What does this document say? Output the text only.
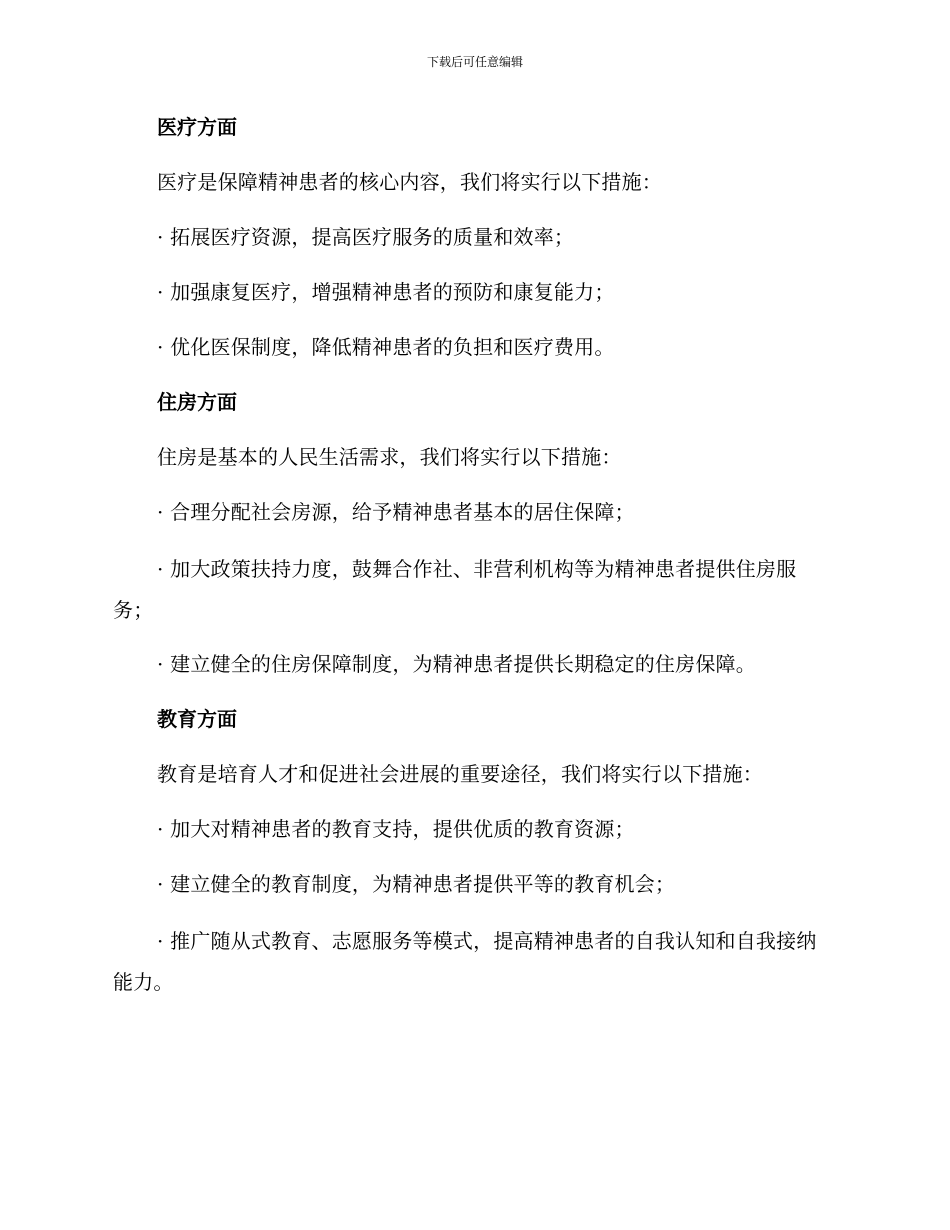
下载后可任意编辑
医疗方面

医疗是保障精神患者的核心内容，我们将实行以下措施：

· 拓展医疗资源，提高医疗服务的质量和效率；

· 加强康复医疗，增强精神患者的预防和康复能力；

· 优化医保制度，降低精神患者的负担和医疗费用。

住房方面

住房是基本的人民生活需求，我们将实行以下措施：

· 合理分配社会房源，给予精神患者基本的居住保障；

· 加大政策扶持力度，鼓舞合作社、非营利机构等为精神患者提供住房服务；

· 建立健全的住房保障制度，为精神患者提供长期稳定的住房保障。

教育方面

教育是培育人才和促进社会进展的重要途径，我们将实行以下措施：

· 加大对精神患者的教育支持，提供优质的教育资源；

· 建立健全的教育制度，为精神患者提供平等的教育机会；

· 推广随从式教育、志愿服务等模式，提高精神患者的自我认知和自我接纳能力。
